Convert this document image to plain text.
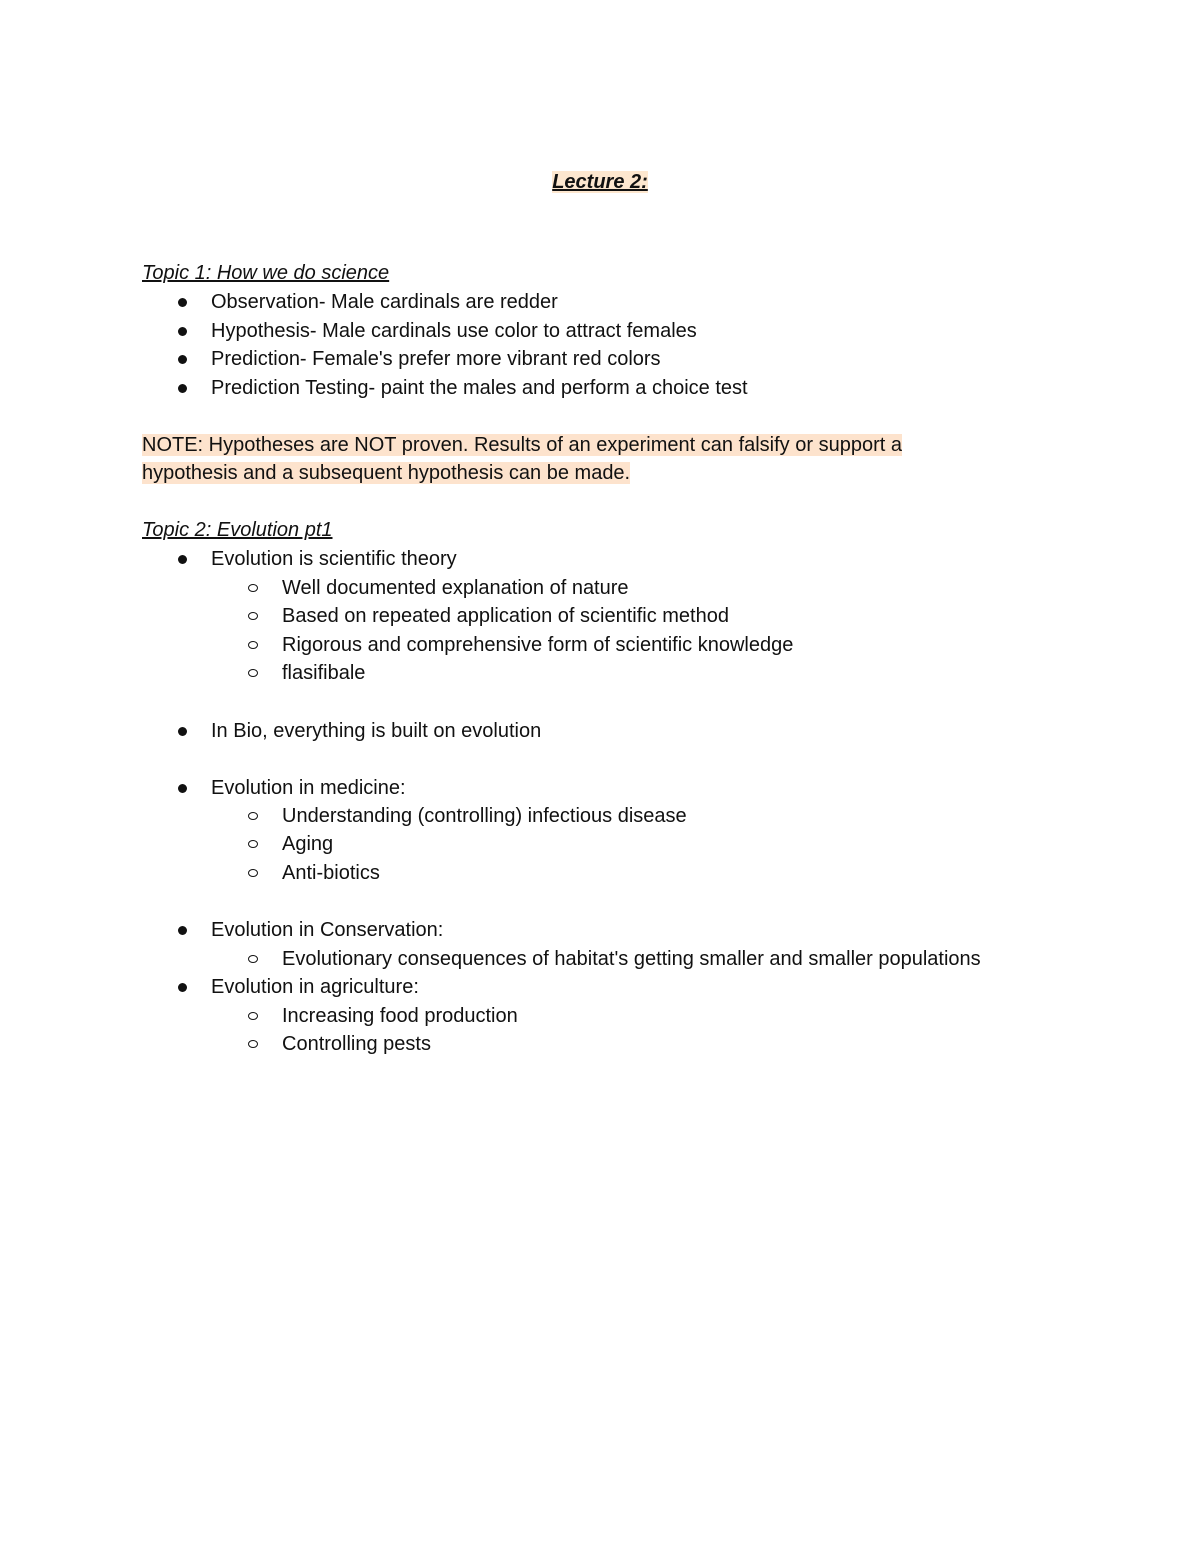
Lecture 2:
Topic 1: How we do science
Observation- Male cardinals are redder
Hypothesis- Male cardinals use color to attract females
Prediction- Female's prefer more vibrant red colors
Prediction Testing- paint the males and perform a choice test
NOTE: Hypotheses are NOT proven. Results of an experiment can falsify or support a
hypothesis and a subsequent hypothesis can be made.
Topic 2: Evolution pt1
Evolution is scientific theory
Well documented explanation of nature
Based on repeated application of scientific method
Rigorous and comprehensive form of scientific knowledge
flasifibale
In Bio, everything is built on evolution
Evolution in medicine:
Understanding (controlling) infectious disease
Aging
Anti-biotics
Evolution in Conservation:
Evolutionary consequences of habitat's getting smaller and smaller populations
Evolution in agriculture:
Increasing food production
Controlling pests
